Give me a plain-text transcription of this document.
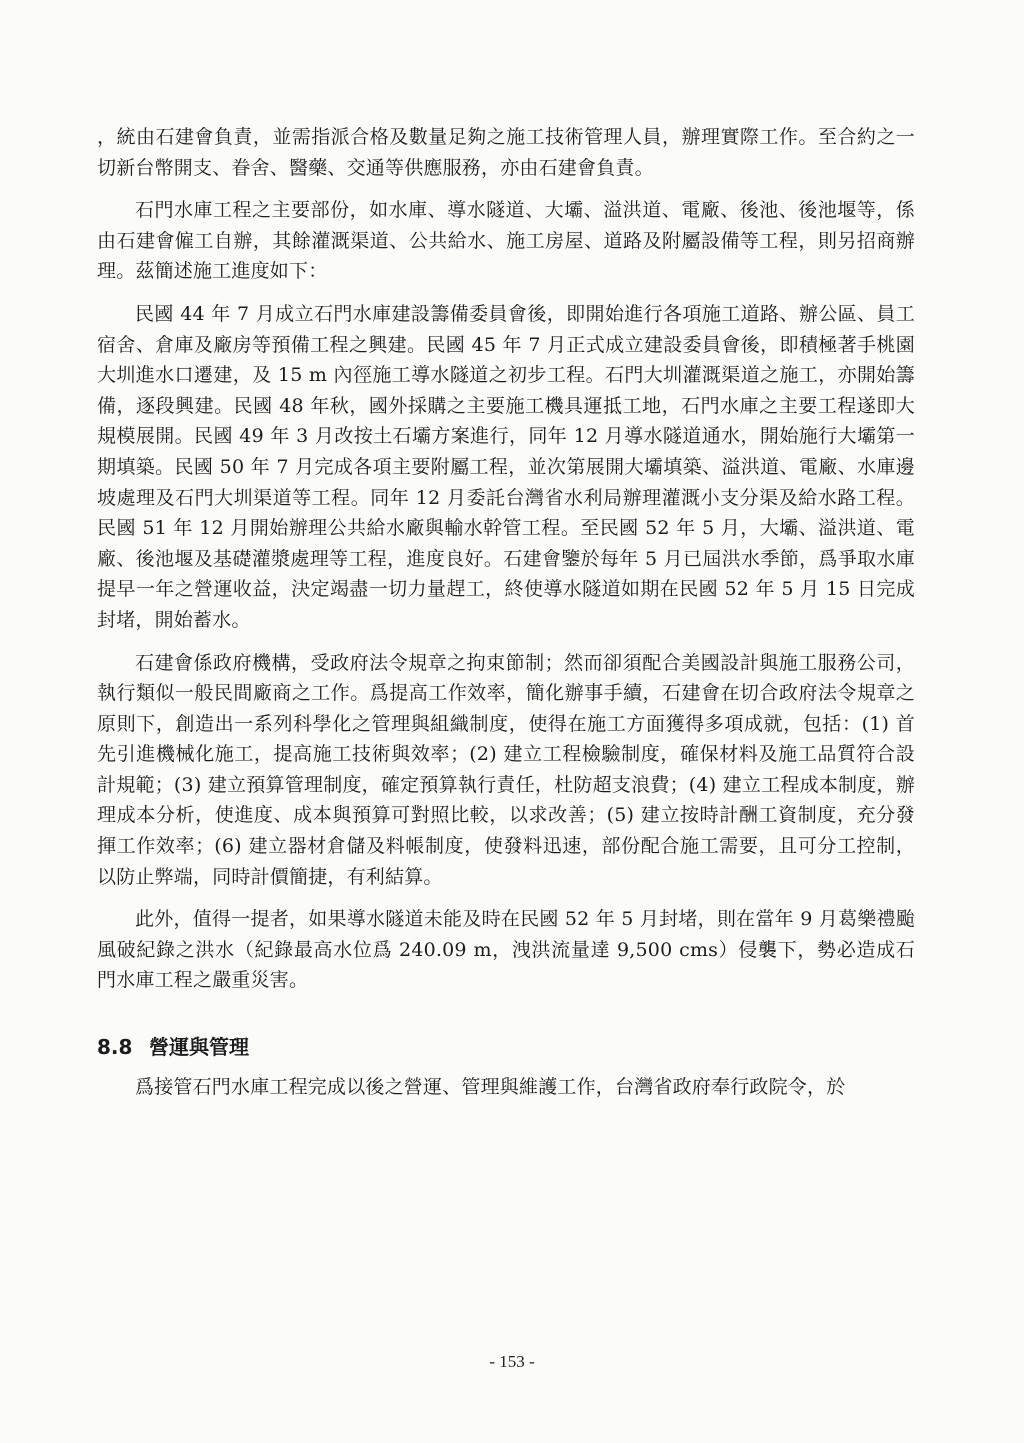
，統由石建會負責，並需指派合格及數量足夠之施工技術管理人員，辦理實際工作。至合約之一切新台幣開支、眷舍、醫藥、交通等供應服務，亦由石建會負責。

石門水庫工程之主要部份，如水庫、導水隧道、大壩、溢洪道、電廠、後池、後池堰等，係由石建會僱工自辦，其餘灌溉渠道、公共給水、施工房屋、道路及附屬設備等工程，則另招商辦理。茲簡述施工進度如下：

民國 44 年 7 月成立石門水庫建設籌備委員會後，即開始進行各項施工道路、辦公區、員工宿舍、倉庫及廠房等預備工程之興建。民國 45 年 7 月正式成立建設委員會後，即積極著手桃園大圳進水口遷建，及 15 m 內徑施工導水隧道之初步工程。石門大圳灌溉渠道之施工，亦開始籌備，逐段興建。民國 48 年秋，國外採購之主要施工機具運抵工地，石門水庫之主要工程遂即大規模展開。民國 49 年 3 月改按土石壩方案進行，同年 12 月導水隧道通水，開始施行大壩第一期填築。民國 50 年 7 月完成各項主要附屬工程，並次第展開大壩填築、溢洪道、電廠、水庫邊坡處理及石門大圳渠道等工程。同年 12 月委託台灣省水利局辦理灌溉小支分渠及給水路工程。民國 51 年 12 月開始辦理公共給水廠與輸水幹管工程。至民國 52 年 5 月，大壩、溢洪道、電廠、後池堰及基礎灌漿處理等工程，進度良好。石建會鑒於每年 5 月已屆洪水季節，爲爭取水庫提早一年之營運收益，決定竭盡一切力量趕工，終使導水隧道如期在民國 52 年 5 月 15 日完成封堵，開始蓄水。

石建會係政府機構，受政府法令規章之拘束節制；然而卻須配合美國設計與施工服務公司，執行類似一般民間廠商之工作。爲提高工作效率，簡化辦事手續，石建會在切合政府法令規章之原則下，創造出一系列科學化之管理與組織制度，使得在施工方面獲得多項成就，包括：(1) 首先引進機械化施工，提高施工技術與效率；(2) 建立工程檢驗制度，確保材料及施工品質符合設計規範；(3) 建立預算管理制度，確定預算執行責任，杜防超支浪費；(4) 建立工程成本制度，辦理成本分析，使進度、成本與預算可對照比較，以求改善；(5) 建立按時計酬工資制度，充分發揮工作效率；(6) 建立器材倉儲及料帳制度，使發料迅速，部份配合施工需要，且可分工控制，以防止弊端，同時計價簡捷，有利結算。

此外，值得一提者，如果導水隧道未能及時在民國 52 年 5 月封堵，則在當年 9 月葛樂禮颱風破紀錄之洪水（紀錄最高水位爲 240.09 m，洩洪流量達 9,500 cms）侵襲下，勢必造成石門水庫工程之嚴重災害。

8.8 營運與管理

爲接管石門水庫工程完成以後之營運、管理與維護工作，台灣省政府奉行政院令，於

- 153 -
